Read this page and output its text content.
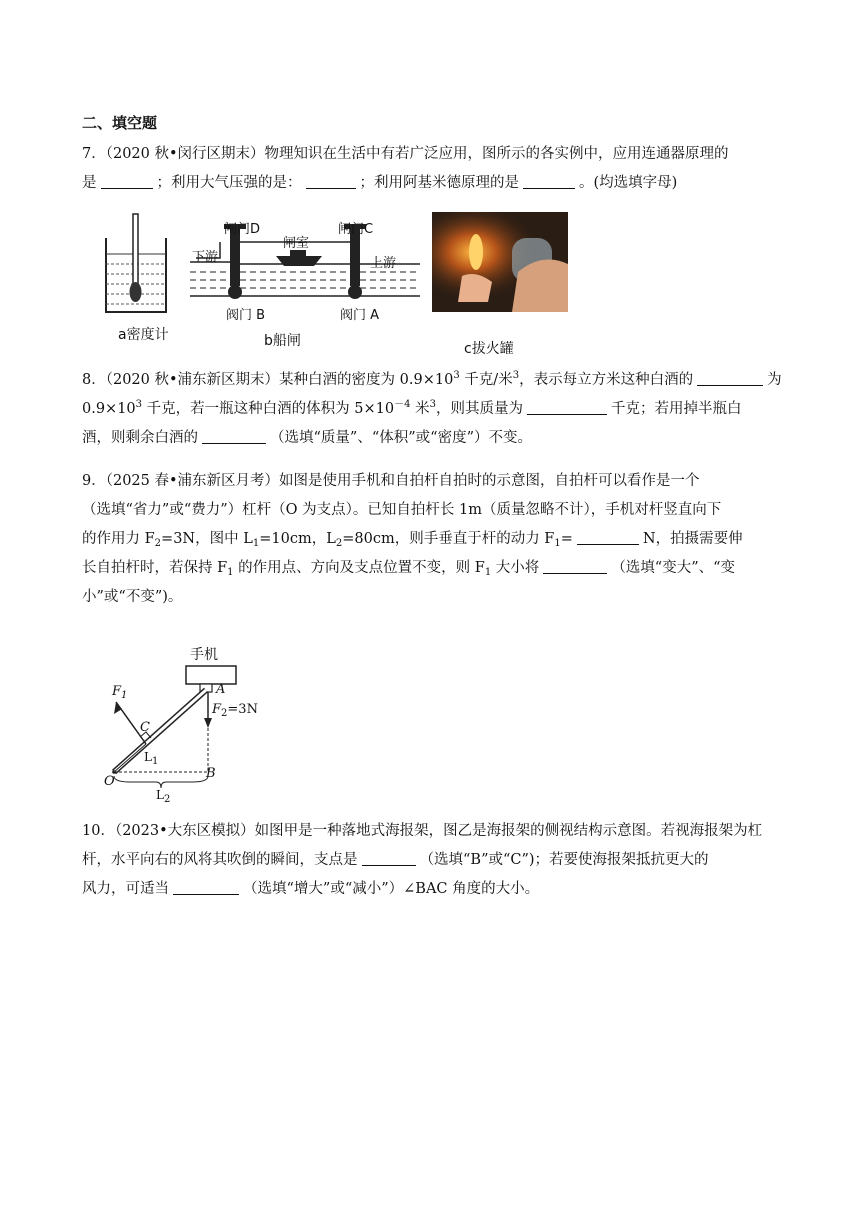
二、填空题

7．（2020 秋•闵行区期末）物理知识在生活中有若广泛应用，图所示的各实例中，应用连通器原理的

是	；利用大气压强的是：	；利用阿基米德原理的是	。(均选填字母)

a密度计
闸门D	闸门C
闸室
下游	上游
阀门 B	阀门 A
b船闸	c拔火罐

8．（2020 秋•浦东新区期末）某种白酒的密度为 $0.9\times 10^3$ 千克/米$^3$，表示每立方米这种白酒的	为

$0.9\times 10^3$ 千克，若一瓶这种白酒的体积为 $5\times 10^{-4}$ 米$^3$，则其质量为	千克；若用掉半瓶白

酒，则剩余白酒的	（选填“质量”、“体积”或“密度”）不变。

9．（2025 春•浦东新区月考）如图是使用手机和自拍杆自拍时的示意图，自拍杆可以看作是一个

（选填“省力”或“费力”）杠杆（O 为支点）。已知自拍杆长 1m（质量忽略不计），手机对杆竖直向下

的作用力 $F_2=3N$，图中 $L_1=10cm$，$L_2=80cm$，则手垂直于杆的动力 $F_1=$	N，拍摄需要伸

长自拍杆时，若保持 $F_1$ 的作用点、方向及支点位置不变，则 $F_1$ 大小将	（选填“变大”、“变

小”或“不变”)。

手机
$F_1$	A
$F_2=3N$
C
$L_1$
O
B
$L_2$

10．（2023•大东区模拟）如图甲是一种落地式海报架，图乙是海报架的侧视结构示意图。若视海报架为杠

杆，水平向右的风将其吹倒的瞬间，支点是	（选填“B”或“C”)；若要使海报架抵抗更大的

风力，可适当	（选填“增大”或“减小”）∠BAC 角度的大小。
